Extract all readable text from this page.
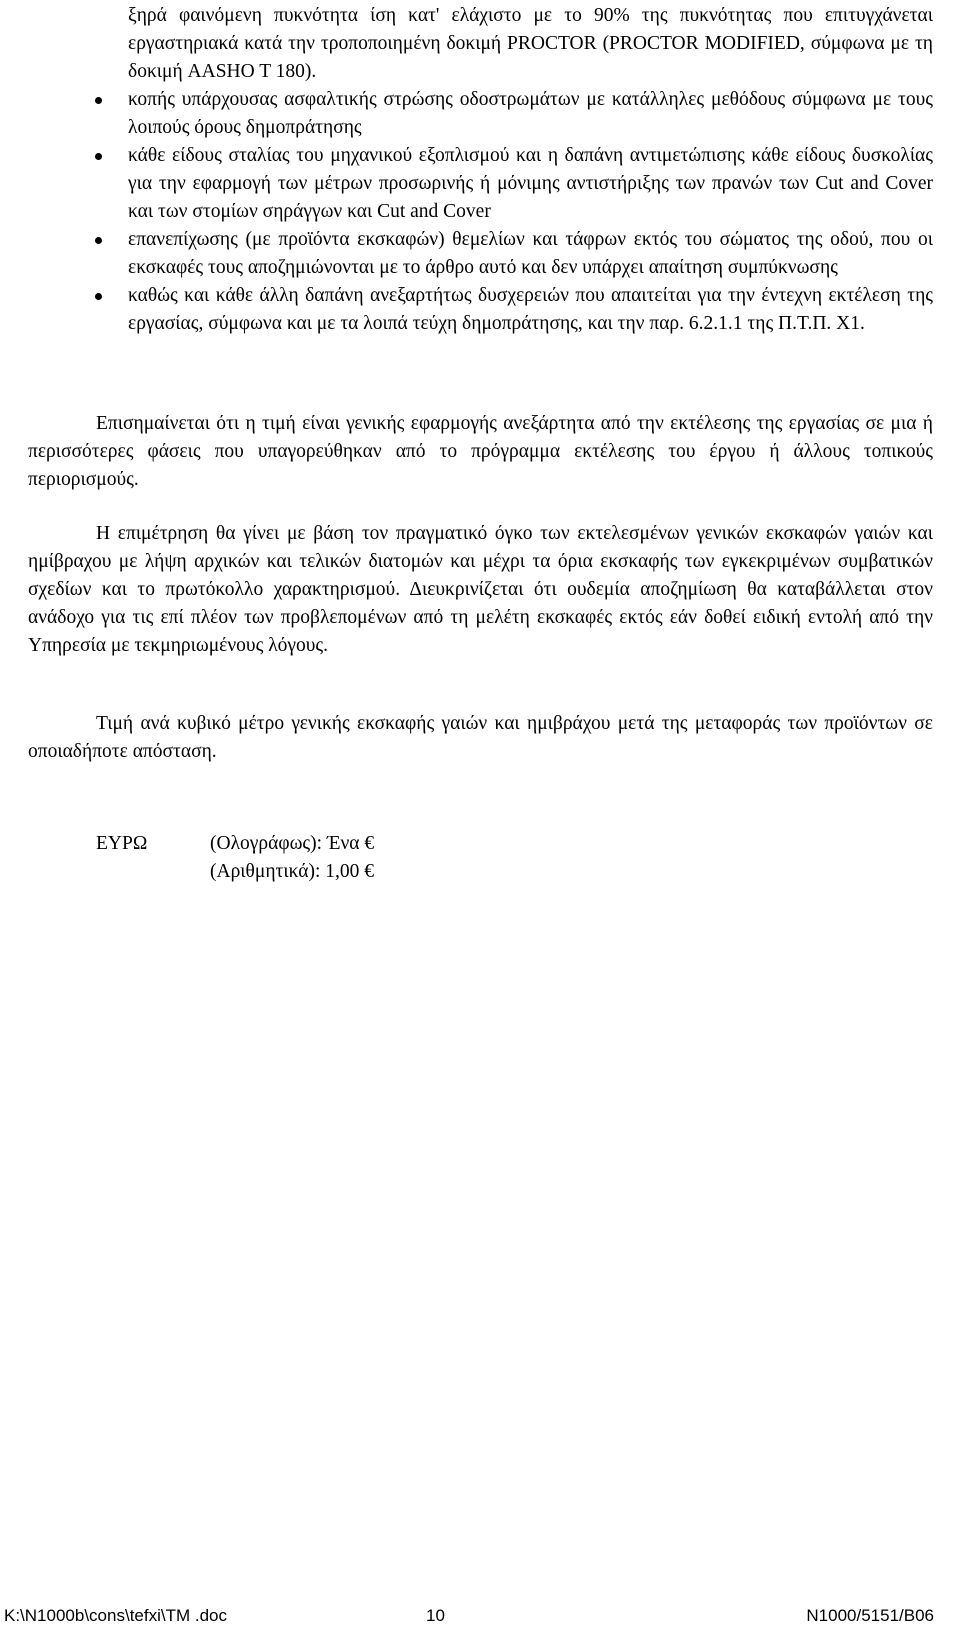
ξηρά φαινόμενη πυκνότητα ίση κατ' ελάχιστο με το 90% της πυκνότητας που επιτυγχάνεται εργαστηριακά κατά την τροποποιημένη δοκιμή PROCTOR (PROCTOR MODIFIED, σύμφωνα με τη δοκιμή AASHO T 180).
κοπής υπάρχουσας ασφαλτικής στρώσης οδοστρωμάτων με κατάλληλες μεθόδους σύμφωνα με τους λοιπούς όρους δημοπράτησης
κάθε είδους σταλίας του μηχανικού εξοπλισμού και η δαπάνη αντιμετώπισης κάθε είδους δυσκολίας για την εφαρμογή των μέτρων προσωρινής ή μόνιμης αντιστήριξης των πρανών των Cut and Cover και των στομίων σηράγγων και Cut and Cover
επανεπίχωσης (με προϊόντα εκσκαφών) θεμελίων και τάφρων εκτός του σώματος της οδού, που οι εκσκαφές τους αποζημιώνονται με το άρθρο αυτό και δεν υπάρχει απαίτηση συμπύκνωσης
καθώς και κάθε άλλη δαπάνη ανεξαρτήτως δυσχερειών που απαιτείται για την έντεχνη εκτέλεση της εργασίας, σύμφωνα και με τα λοιπά τεύχη δημοπράτησης, και την παρ. 6.2.1.1 της Π.Τ.Π. Χ1.

Επισημαίνεται ότι η τιμή είναι γενικής εφαρμογής ανεξάρτητα από την εκτέλεσης της εργασίας σε μια ή περισσότερες φάσεις που υπαγορεύθηκαν από το πρόγραμμα εκτέλεσης του έργου ή άλλους τοπικούς περιορισμούς.

Η επιμέτρηση θα γίνει με βάση τον πραγματικό όγκο των εκτελεσμένων γενικών εκσκαφών γαιών και ημίβραχου με λήψη αρχικών και τελικών διατομών και μέχρι τα όρια εκσκαφής των εγκεκριμένων συμβατικών σχεδίων και το πρωτόκολλο χαρακτηρισμού. Διευκρινίζεται ότι ουδεμία αποζημίωση θα καταβάλλεται στον ανάδοχο για τις επί πλέον των προβλεπομένων από τη μελέτη εκσκαφές εκτός εάν δοθεί ειδική εντολή από την Υπηρεσία με τεκμηριωμένους λόγους.

Τιμή ανά κυβικό μέτρο γενικής εκσκαφής γαιών και ημιβράχου μετά της μεταφοράς των προϊόντων σε οποιαδήποτε απόσταση.

ΕΥΡΩ	(Ολογράφως): Ένα €
(Αριθμητικά): 1,00 €
K:\N1000b\cons\tefxi\TM .doc	10	N1000/5151/B06
